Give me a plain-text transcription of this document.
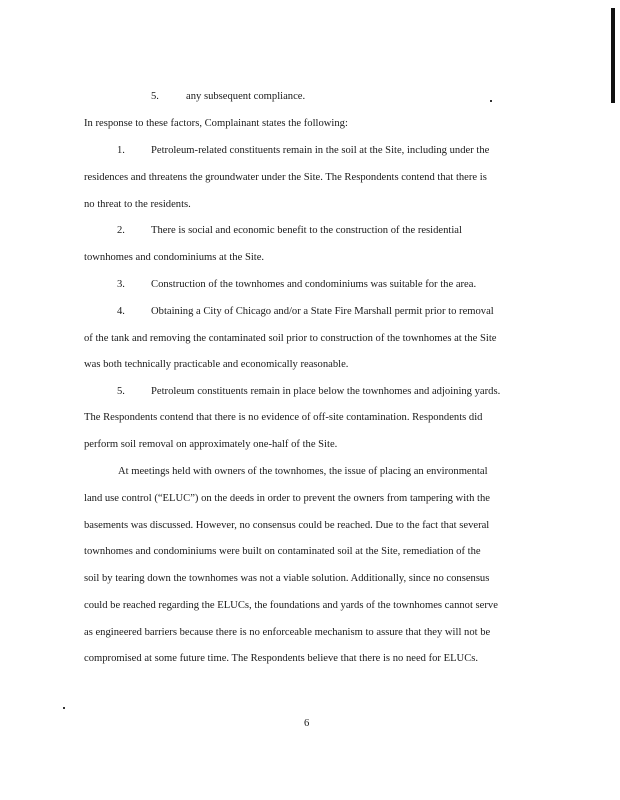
5.	any subsequent compliance.
In response to these factors, Complainant states the following:
1. Petroleum-related constituents remain in the soil at the Site, including under the
residences and threatens the groundwater under the Site. The Respondents contend that there is
no threat to the residents.
2. There is social and economic benefit to the construction of the residential
townhomes and condominiums at the Site.
3. Construction of the townhomes and condominiums was suitable for the area.
4. Obtaining a City of Chicago and/or a State Fire Marshall permit prior to removal
of the tank and removing the contaminated soil prior to construction of the townhomes at the Site
was both technically practicable and economically reasonable.
5. Petroleum constituents remain in place below the townhomes and adjoining yards.
The Respondents contend that there is no evidence of off-site contamination. Respondents did
perform soil removal on approximately one-half of the Site.
At meetings held with owners of the townhomes, the issue of placing an environmental
land use control (“ELUC”) on the deeds in order to prevent the owners from tampering with the
basements was discussed. However, no consensus could be reached. Due to the fact that several
townhomes and condominiums were built on contaminated soil at the Site, remediation of the
soil by tearing down the townhomes was not a viable solution. Additionally, since no consensus
could be reached regarding the ELUCs, the foundations and yards of the townhomes cannot serve
as engineered barriers because there is no enforceable mechanism to assure that they will not be
compromised at some future time. The Respondents believe that there is no need for ELUCs.
6
